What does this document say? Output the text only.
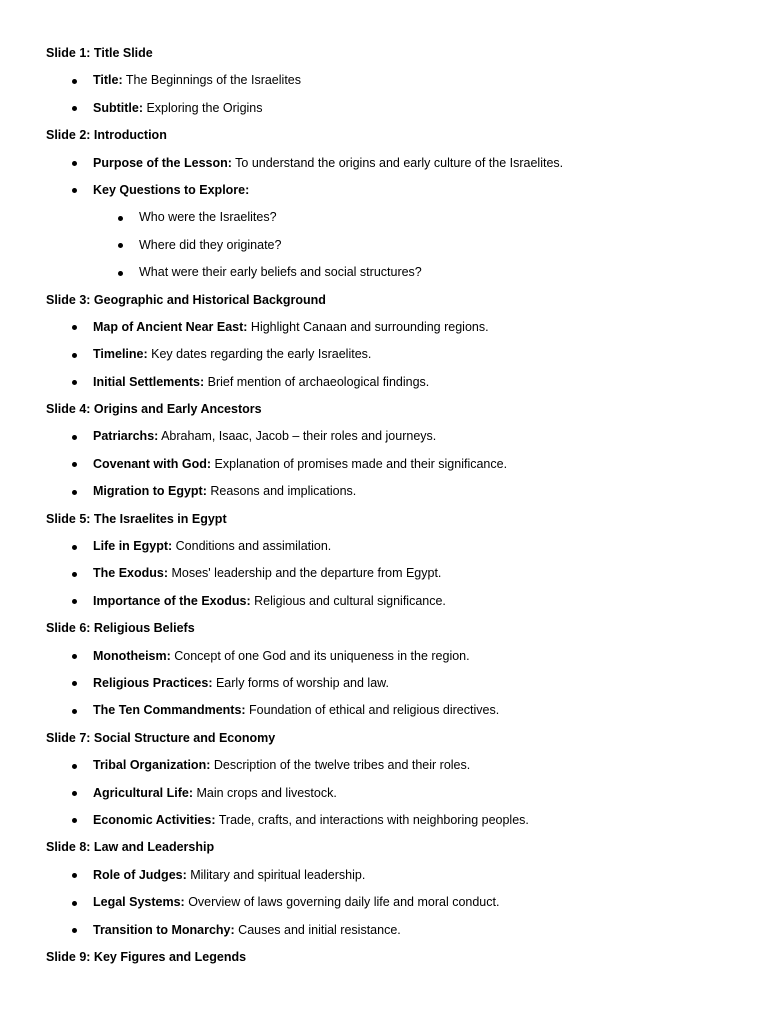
Slide 1: Title Slide
Title: The Beginnings of the Israelites
Subtitle: Exploring the Origins
Slide 2: Introduction
Purpose of the Lesson: To understand the origins and early culture of the Israelites.
Key Questions to Explore:
Who were the Israelites?
Where did they originate?
What were their early beliefs and social structures?
Slide 3: Geographic and Historical Background
Map of Ancient Near East: Highlight Canaan and surrounding regions.
Timeline: Key dates regarding the early Israelites.
Initial Settlements: Brief mention of archaeological findings.
Slide 4: Origins and Early Ancestors
Patriarchs: Abraham, Isaac, Jacob – their roles and journeys.
Covenant with God: Explanation of promises made and their significance.
Migration to Egypt: Reasons and implications.
Slide 5: The Israelites in Egypt
Life in Egypt: Conditions and assimilation.
The Exodus: Moses' leadership and the departure from Egypt.
Importance of the Exodus: Religious and cultural significance.
Slide 6: Religious Beliefs
Monotheism: Concept of one God and its uniqueness in the region.
Religious Practices: Early forms of worship and law.
The Ten Commandments: Foundation of ethical and religious directives.
Slide 7: Social Structure and Economy
Tribal Organization: Description of the twelve tribes and their roles.
Agricultural Life: Main crops and livestock.
Economic Activities: Trade, crafts, and interactions with neighboring peoples.
Slide 8: Law and Leadership
Role of Judges: Military and spiritual leadership.
Legal Systems: Overview of laws governing daily life and moral conduct.
Transition to Monarchy: Causes and initial resistance.
Slide 9: Key Figures and Legends
